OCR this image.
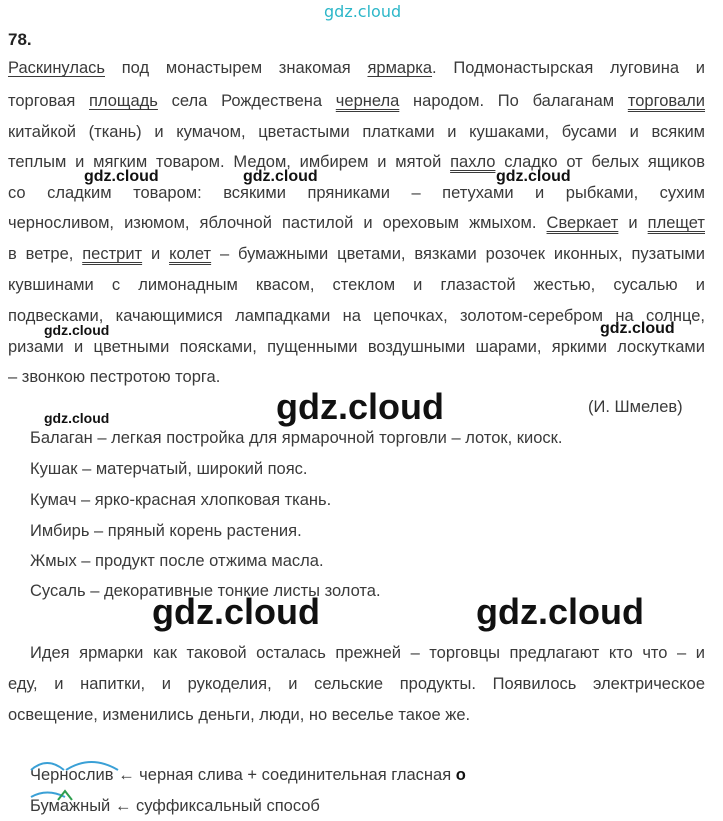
gdz.cloud
78.
Раскинулась под монастырем знакомая ярмарка. Подмонастырская луговина и
торговая площадь села Рождествена чернела народом. По балаганам торговали
китайкой (ткань) и кумачом, цветастыми платками и кушаками, бусами и всяким
теплым и мягким товаром. Медом, имбирем и мятой пахло сладко от белых ящиков
со сладким товаром: всякими пряниками – петухами и рыбками, сухим
черносливом, изюмом, яблочной пастилой и ореховым жмыхом. Сверкает и плещет
в ветре, пестрит и колет – бумажными цветами, вязками розочек иконных, пузатыми
кувшинами с лимонадным квасом, стеклом и глазастой жестью, сусалью и
подвесками, качающимися лампадками на цепочках, золотом-серебром на солнце,
ризами и цветными поясками, пущенными воздушными шарами, яркими лоскутками
– звонкою пестротою торга.
(И. Шмелев)
Балаган – легкая постройка для ярмарочной торговли – лоток, киоск.
Кушак – матерчатый, широкий пояс.
Кумач – ярко-красная хлопковая ткань.
Имбирь – пряный корень растения.
Жмых – продукт после отжима масла.
Сусаль – декоративные тонкие листы золота.
Идея ярмарки как таковой осталась прежней – торговцы предлагают кто что – и
еду, и напитки, и рукоделия, и сельские продукты. Появилось электрическое
освещение, изменились деньги, люди, но веселье такое же.
Чернослив ← черная слива + соединительная гласная о
Бумажный ← суффиксальный способ
gdz.cloud	gdz.cloud	gdz.cloud
gdz.cloud	gdz.cloud
gdz.cloud	gdz.cloud
gdz.cloud	gdz.cloud
